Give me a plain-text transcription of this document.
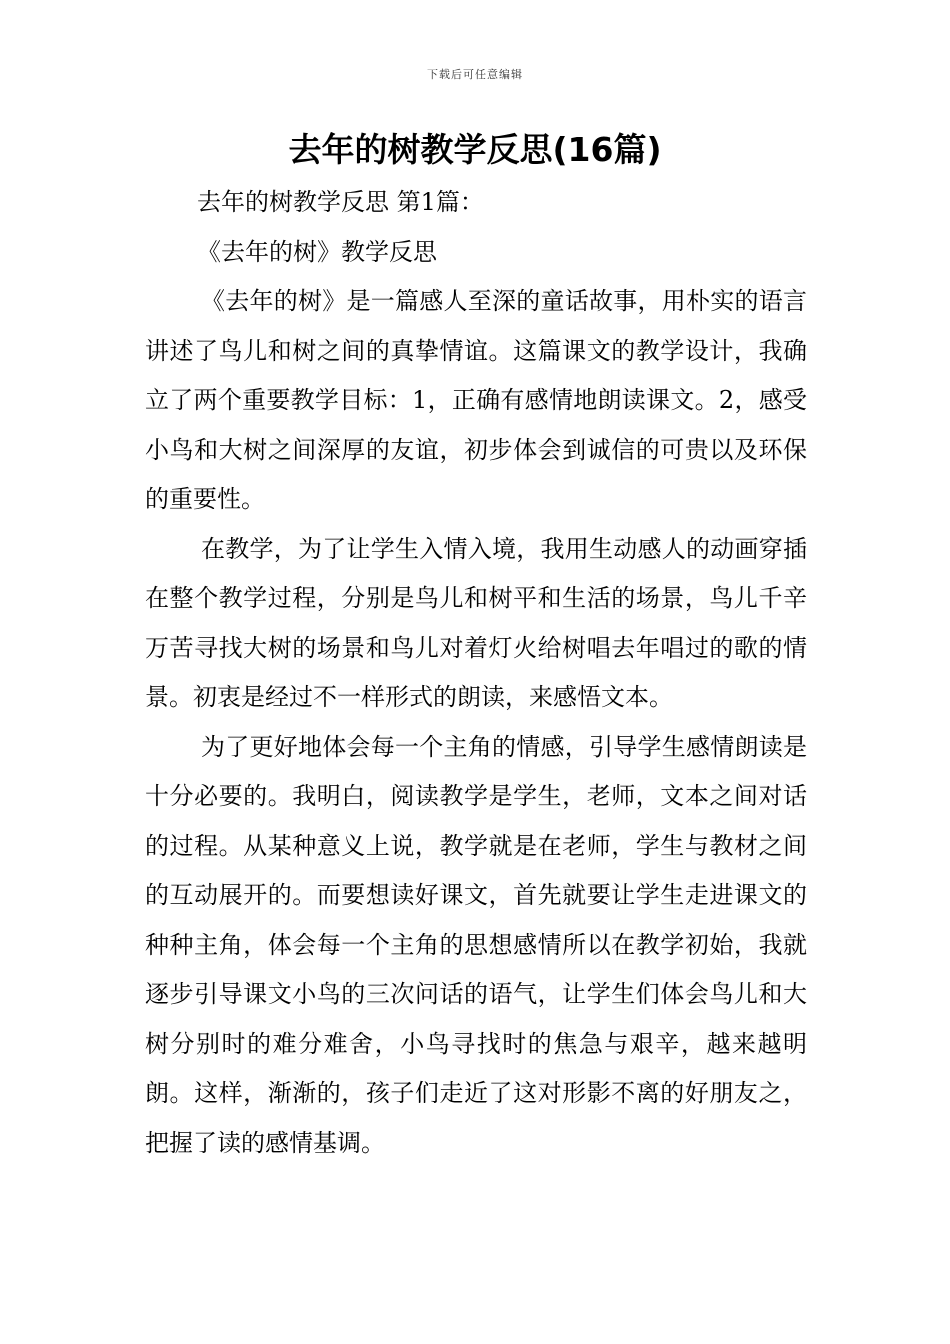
下载后可任意编辑
去年的树教学反思(16篇)
去年的树教学反思 第1篇：
《去年的树》教学反思

《去年的树》是一篇感人至深的童话故事，用朴实的语言讲述了鸟儿和树之间的真挚情谊。这篇课文的教学设计，我确立了两个重要教学目标：1，正确有感情地朗读课文。2，感受小鸟和大树之间深厚的友谊，初步体会到诚信的可贵以及环保的重要性。

在教学，为了让学生入情入境，我用生动感人的动画穿插在整个教学过程，分别是鸟儿和树平和生活的场景，鸟儿千辛万苦寻找大树的场景和鸟儿对着灯火给树唱去年唱过的歌的情景。初衷是经过不一样形式的朗读，来感悟文本。

为了更好地体会每一个主角的情感，引导学生感情朗读是十分必要的。我明白，阅读教学是学生，老师，文本之间对话的过程。从某种意义上说，教学就是在老师，学生与教材之间的互动展开的。而要想读好课文，首先就要让学生走进课文的种种主角，体会每一个主角的思想感情所以在教学初始，我就逐步引导课文小鸟的三次问话的语气，让学生们体会鸟儿和大树分别时的难分难舍，小鸟寻找时的焦急与艰辛，越来越明朗。这样，渐渐的，孩子们走近了这对形影不离的好朋友之，把握了读的感情基调。
